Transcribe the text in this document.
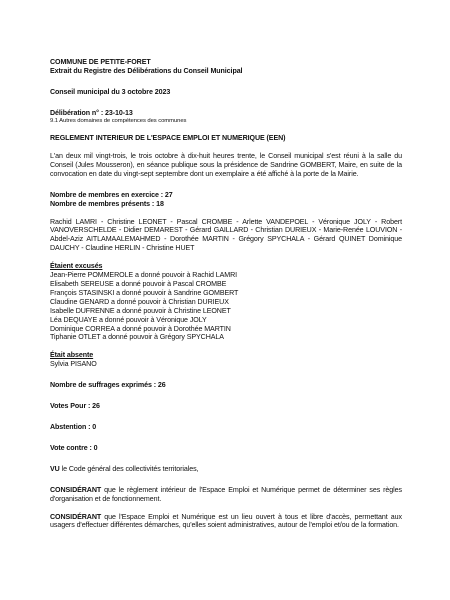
COMMUNE DE PETITE-FORET

Extrait du Registre des Délibérations du Conseil Municipal

Conseil municipal du 3 octobre 2023

Délibération n° : 23-10-13

9.1 Autres domaines de compétences des communes

REGLEMENT INTERIEUR DE L'ESPACE EMPLOI ET NUMERIQUE (EEN)

L'an deux mil vingt-trois, le trois octobre à dix-huit heures trente, le Conseil municipal s'est réuni à la salle du Conseil (Jules Mousseron), en séance publique sous la présidence de Sandrine GOMBERT, Maire, en suite de la convocation en date du vingt-sept septembre dont un exemplaire a été affiché à la porte de la Mairie.

Nombre de membres en exercice : 27

Nombre de membres présents : 18

Rachid LAMRI - Christine LEONET - Pascal CROMBE - Arlette VANDEPOEL - Véronique JOLY - Robert VANOVERSCHELDE - Didier DEMAREST - Gérard GAILLARD - Christian DURIEUX - Marie-Renée LOUVION - Abdel-Aziz AITLAMAALEMAHMED - Dorothée MARTIN - Grégory SPYCHALA - Gérard QUINET Dominique DAUCHY - Claudine HERLIN - Christine HUET

Étaient excusés

Jean-Pierre POMMEROLE a donné pouvoir à Rachid LAMRI

Elisabeth SEREUSE a donné pouvoir à Pascal CROMBE

François STASINSKI a donné pouvoir à Sandrine GOMBERT

Claudine GENARD a donné pouvoir à Christian DURIEUX

Isabelle DUFRENNE a donné pouvoir à Christine LEONET

Léa DEQUAYE a donné pouvoir à Véronique JOLY

Dominique CORREA a donné pouvoir à Dorothée MARTIN

Tiphanie OTLET a donné pouvoir à Grégory SPYCHALA

Était absente

Sylvia PISANO

Nombre de suffrages exprimés : 26

Votes Pour : 26

Abstention : 0

Vote contre : 0

VU le Code général des collectivités territoriales,

CONSIDÉRANT que le règlement intérieur de l'Espace Emploi et Numérique permet de déterminer ses règles d'organisation et de fonctionnement.

CONSIDÉRANT que l'Espace Emploi et Numérique est un lieu ouvert à tous et libre d'accès, permettant aux usagers d'effectuer différentes démarches, qu'elles soient administratives, autour de l'emploi et/ou de la formation.
